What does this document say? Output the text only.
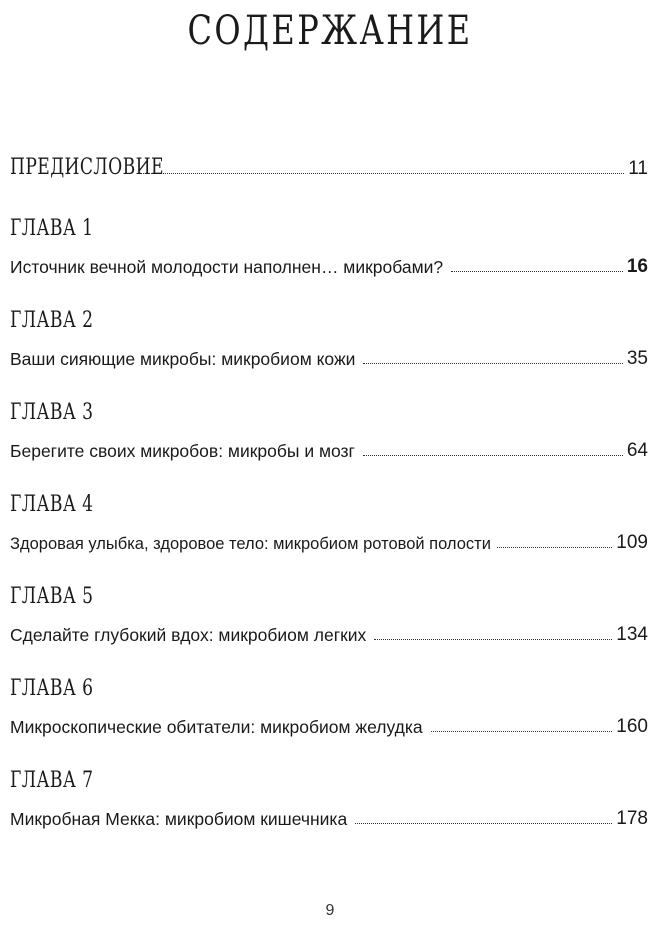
СОДЕРЖАНИЕ
ПРЕДИСЛОВИЕ	11
ГЛАВА 1
Источник вечной молодости наполнен… микробами?	16
ГЛАВА 2
Ваши сияющие микробы: микробиом кожи	35
ГЛАВА 3
Берегите своих микробов: микробы и мозг	64
ГЛАВА 4
Здоровая улыбка, здоровое тело: микробиом ротовой полости	109
ГЛАВА 5
Сделайте глубокий вдох: микробиом легких	134
ГЛАВА 6
Микроскопические обитатели: микробиом желудка	160
ГЛАВА 7
Микробная Мекка: микробиом кишечника	178
9
